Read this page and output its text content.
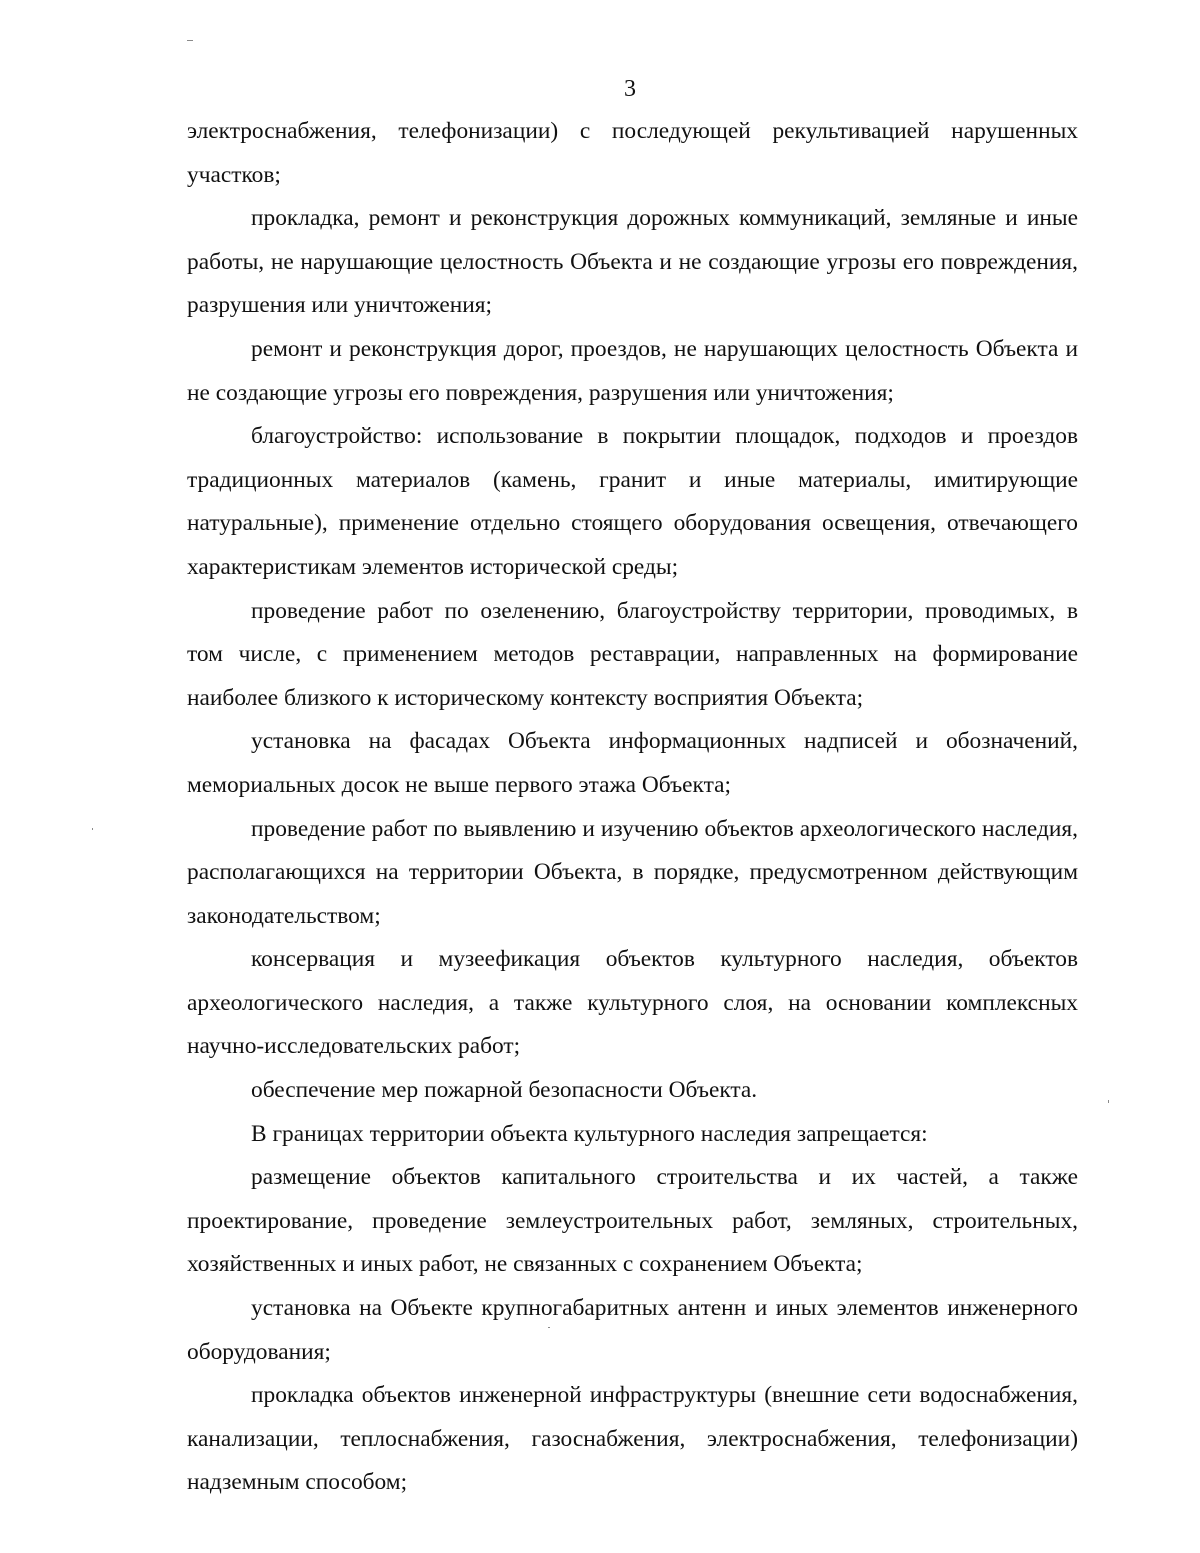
3

электроснабжения, телефонизации) с последующей рекультивацией нарушенных участков;

прокладка, ремонт и реконструкция дорожных коммуникаций, земляные и иные работы, не нарушающие целостность Объекта и не создающие угрозы его повреждения, разрушения или уничтожения;

ремонт и реконструкция дорог, проездов, не нарушающих целостность Объекта и не создающие угрозы его повреждения, разрушения или уничтожения;

благоустройство: использование в покрытии площадок, подходов и проездов традиционных материалов (камень, гранит и иные материалы, имитирующие натуральные), применение отдельно стоящего оборудования освещения, отвечающего характеристикам элементов исторической среды;

проведение работ по озеленению, благоустройству территории, проводимых, в том числе, с применением методов реставрации, направленных на формирование наиболее близкого к историческому контексту восприятия Объекта;

установка на фасадах Объекта информационных надписей и обозначений, мемориальных досок не выше первого этажа Объекта;

проведение работ по выявлению и изучению объектов археологического наследия, располагающихся на территории Объекта, в порядке, предусмотренном действующим законодательством;

консервация и музеефикация объектов культурного наследия, объектов археологического наследия, а также культурного слоя, на основании комплексных научно-исследовательских работ;

обеспечение мер пожарной безопасности Объекта.

В границах территории объекта культурного наследия запрещается:

размещение объектов капитального строительства и их частей, а также проектирование, проведение землеустроительных работ, земляных, строительных, хозяйственных и иных работ, не связанных с сохранением Объекта;

установка на Объекте крупногабаритных антенн и иных элементов инженерного оборудования;

прокладка объектов инженерной инфраструктуры (внешние сети водоснабжения, канализации, теплоснабжения, газоснабжения, электроснабжения, телефонизации) надземным способом;
